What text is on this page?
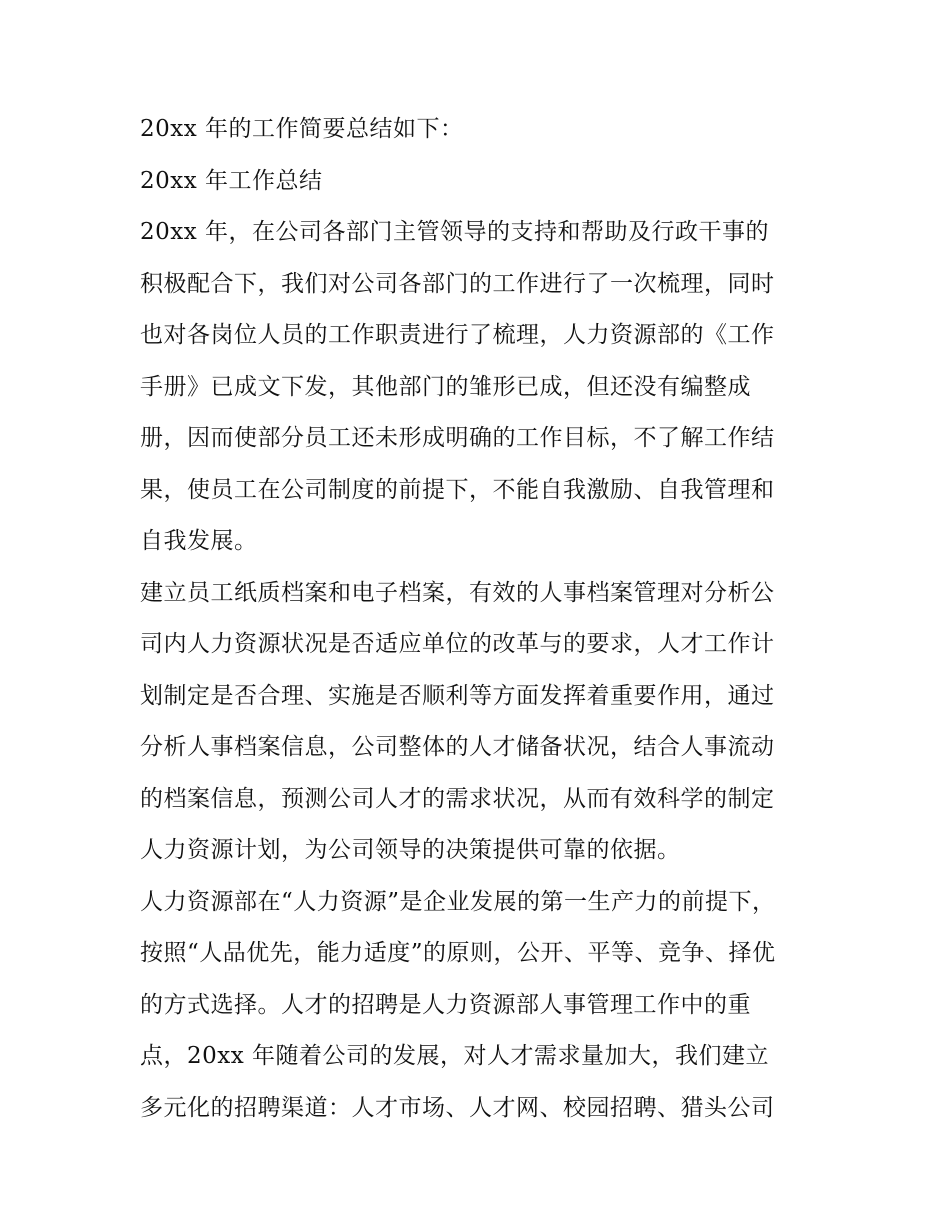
20xx 年的工作简要总结如下：
20xx 年工作总结
20xx 年，在公司各部门主管领导的支持和帮助及行政干事的
积极配合下，我们对公司各部门的工作进行了一次梳理，同时
也对各岗位人员的工作职责进行了梳理，人力资源部的《工作
手册》已成文下发，其他部门的雏形已成，但还没有编整成
册，因而使部分员工还未形成明确的工作目标，不了解工作结
果，使员工在公司制度的前提下，不能自我激励、自我管理和
自我发展。
建立员工纸质档案和电子档案，有效的人事档案管理对分析公
司内人力资源状况是否适应单位的改革与的要求，人才工作计
划制定是否合理、实施是否顺利等方面发挥着重要作用，通过
分析人事档案信息，公司整体的人才储备状况，结合人事流动
的档案信息，预测公司人才的需求状况，从而有效科学的制定
人力资源计划，为公司领导的决策提供可靠的依据。
人力资源部在“人力资源”是企业发展的第一生产力的前提下，
按照“人品优先，能力适度”的原则，公开、平等、竞争、择优
的方式选择。人才的招聘是人力资源部人事管理工作中的重
点，20xx 年随着公司的发展，对人才需求量加大，我们建立
多元化的招聘渠道：人才市场、人才网、校园招聘、猎头公司
